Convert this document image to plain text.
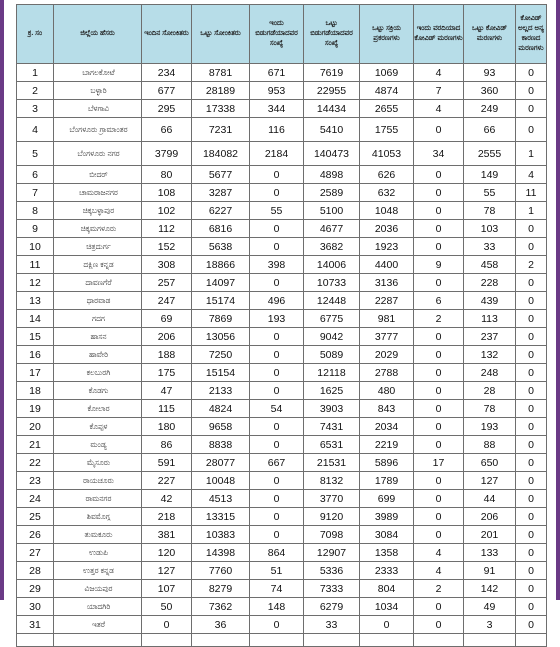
ಕ್ರ. ಸಂ	ಜಿಲ್ಲೆಯ ಹೆಸರು	ಇಂದಿನ ಸೋಂಕಿತರು	ಒಟ್ಟು ಸೋಂಕಿತರು	ಇಂದು ಬಿಡುಗಡೆಯಾದವರ ಸಂಖ್ಯೆ	ಒಟ್ಟು ಬಿಡುಗಡೆಯಾದವರ ಸಂಖ್ಯೆ	ಒಟ್ಟು ಸಕ್ರಿಯ ಪ್ರಕರಣಗಳು	ಇಂದು ವರದಿಯಾದ ಕೋವಿಡ್ ಮರಣಗಳು	ಒಟ್ಟು ಕೋವಿಡ್ ಮರಣಗಳು	ಕೋವಿಡ್ ಅಲ್ಲದ ಅನ್ಯ ಕಾರಣದ ಮರಣಗಳು
1	ಬಾಗಲಕೋಟೆ	234	8781	671	7619	1069	4	93	0
2	ಬಳ್ಳಾರಿ	677	28189	953	22955	4874	7	360	0
3	ಬೆಳಗಾವಿ	295	17338	344	14434	2655	4	249	0
4	ಬೆಂಗಳೂರು ಗ್ರಾಮಾಂತರ	66	7231	116	5410	1755	0	66	0
5	ಬೆಂಗಳೂರು ನಗರ	3799	184082	2184	140473	41053	34	2555	1
6	ಬೀದರ್	80	5677	0	4898	626	0	149	4
7	ಚಾಮರಾಜನಗರ	108	3287	0	2589	632	0	55	11
8	ಚಿಕ್ಕಬಳ್ಳಾಪುರ	102	6227	55	5100	1048	0	78	1
9	ಚಿಕ್ಕಮಗಳೂರು	112	6816	0	4677	2036	0	103	0
10	ಚಿತ್ರದುರ್ಗ	152	5638	0	3682	1923	0	33	0
11	ದಕ್ಷಿಣ ಕನ್ನಡ	308	18866	398	14006	4400	9	458	2
12	ದಾವಣಗೆರೆ	257	14097	0	10733	3136	0	228	0
13	ಧಾರವಾಡ	247	15174	496	12448	2287	6	439	0
14	ಗದಗ	69	7869	193	6775	981	2	113	0
15	ಹಾಸನ	206	13056	0	9042	3777	0	237	0
16	ಹಾವೇರಿ	188	7250	0	5089	2029	0	132	0
17	ಕಲಬುರಗಿ	175	15154	0	12118	2788	0	248	0
18	ಕೊಡಗು	47	2133	0	1625	480	0	28	0
19	ಕೋಲಾರ	115	4824	54	3903	843	0	78	0
20	ಕೊಪ್ಪಳ	180	9658	0	7431	2034	0	193	0
21	ಮಂಡ್ಯ	86	8838	0	6531	2219	0	88	0
22	ಮೈಸೂರು	591	28077	667	21531	5896	17	650	0
23	ರಾಯಚೂರು	227	10048	0	8132	1789	0	127	0
24	ರಾಮನಗರ	42	4513	0	3770	699	0	44	0
25	ಶಿವಮೊಗ್ಗ	218	13315	0	9120	3989	0	206	0
26	ತುಮಕೂರು	381	10383	0	7098	3084	0	201	0
27	ಉಡುಪಿ	120	14398	864	12907	1358	4	133	0
28	ಉತ್ತರ ಕನ್ನಡ	127	7760	51	5336	2333	4	91	0
29	ವಿಜಯಪುರ	107	8279	74	7333	804	2	142	0
30	ಯಾದಗಿರಿ	50	7362	148	6279	1034	0	49	0
31	ಇತರೆ	0	36	0	33	0	0	3	0
